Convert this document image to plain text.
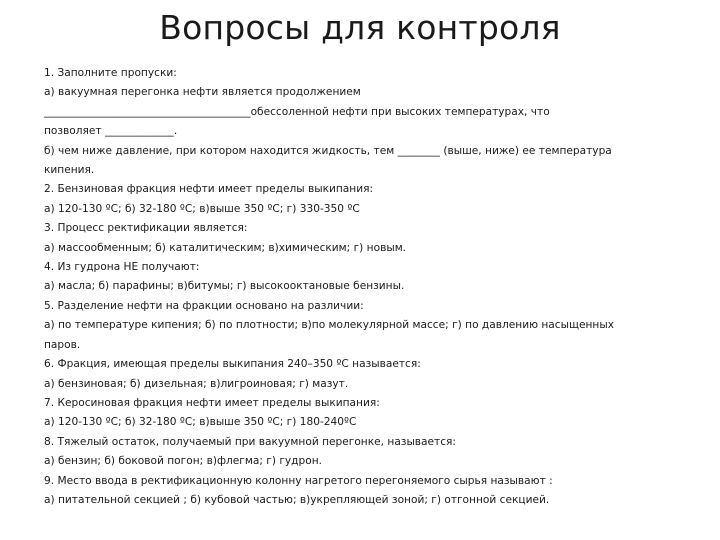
Вопросы для контроля
1. Заполните пропуски:
а) вакуумная перегонка нефти является продолжением
_______________________________________обессоленной нефти при высоких температурах, что
позволяет _____________.
б) чем ниже давление, при котором находится жидкость, тем ________ (выше, ниже) ее температура
кипения.
2. Бензиновая фракция нефти имеет пределы выкипания:
а) 120-130 ºС; б) 32-180 ºС; в)выше 350 ºС; г) 330-350 ºС
3. Процесс ректификации является:
а) массообменным; б) каталитическим; в)химическим; г) новым.
4. Из гудрона НЕ получают:
а) масла; б) парафины; в)битумы; г) высокооктановые бензины.
5. Разделение нефти на фракции основано на различии:
а) по температуре кипения; б) по плотности; в)по молекулярной массе; г) по давлению насыщенных
паров.
6. Фракция, имеющая пределы выкипания 240–350 ºС называется:
а) бензиновая; б) дизельная; в)лигроиновая; г) мазут.
7. Керосиновая фракция нефти имеет пределы выкипания:
а) 120-130 ºС; б) 32-180 ºС; в)выше 350 ºС; г) 180-240ºС
8. Тяжелый остаток, получаемый при вакуумной перегонке, называется:
а) бензин; б) боковой погон; в)флегма; г) гудрон.
9. Место ввода в ректификационную колонну нагретого перегоняемого сырья называют :
а) питательной секцией ; б) кубовой частью; в)укрепляющей зоной; г) отгонной секцией.
